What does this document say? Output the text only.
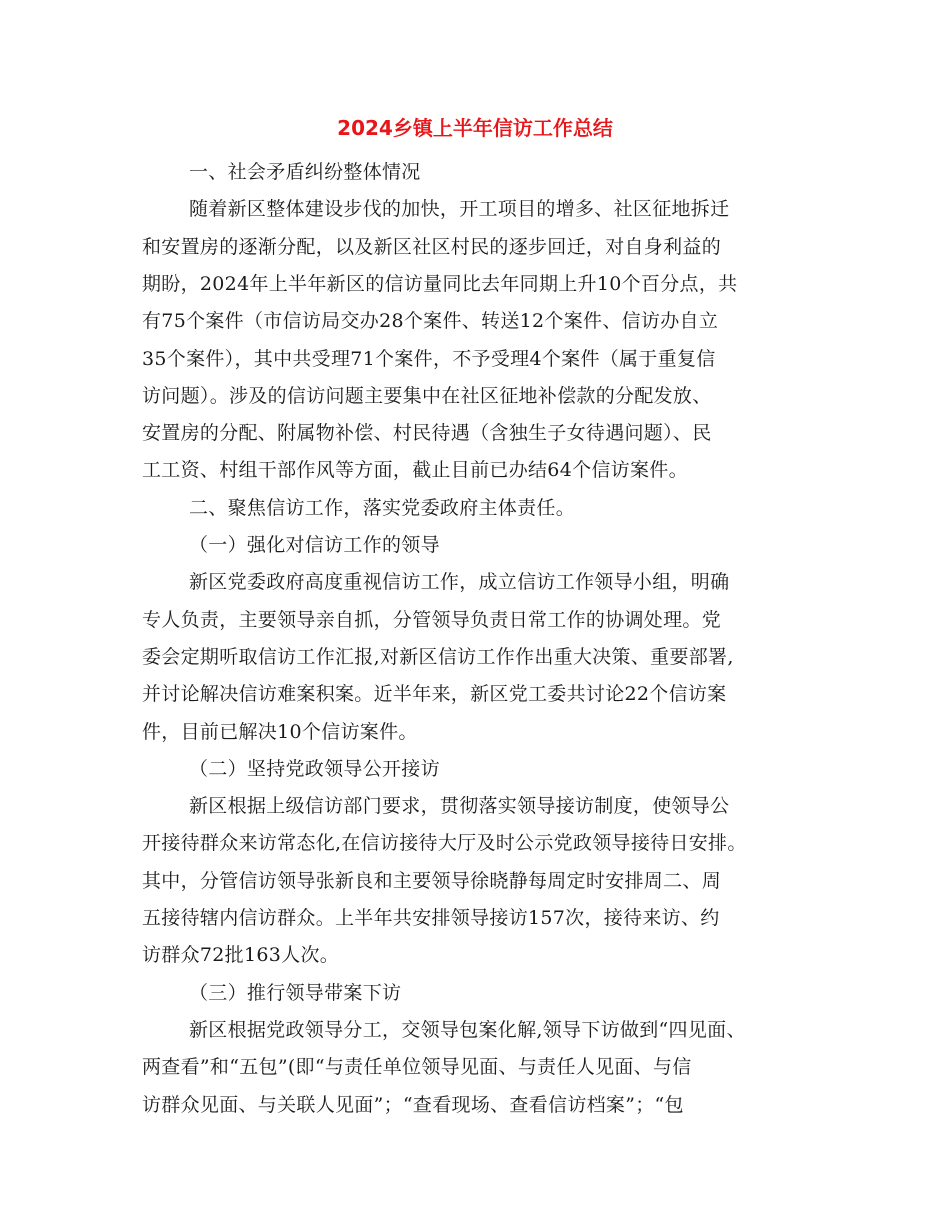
2024乡镇上半年信访工作总结
一、社会矛盾纠纷整体情况
随着新区整体建设步伐的加快，开工项目的增多、社区征地拆迁
和安置房的逐渐分配，以及新区社区村民的逐步回迁，对自身利益的
期盼，2024年上半年新区的信访量同比去年同期上升10个百分点，共
有75个案件（市信访局交办28个案件、转送12个案件、信访办自立
35个案件），其中共受理71个案件，不予受理4个案件（属于重复信
访问题）。涉及的信访问题主要集中在社区征地补偿款的分配发放、
安置房的分配、附属物补偿、村民待遇（含独生子女待遇问题）、民
工工资、村组干部作风等方面，截止目前已办结64个信访案件。
二、聚焦信访工作，落实党委政府主体责任。
（一）强化对信访工作的领导
新区党委政府高度重视信访工作，成立信访工作领导小组，明确
专人负责，主要领导亲自抓，分管领导负责日常工作的协调处理。党
委会定期听取信访工作汇报,对新区信访工作作出重大决策、重要部署,
并讨论解决信访难案积案。近半年来，新区党工委共讨论22个信访案
件，目前已解决10个信访案件。
（二）坚持党政领导公开接访
新区根据上级信访部门要求，贯彻落实领导接访制度，使领导公
开接待群众来访常态化,在信访接待大厅及时公示党政领导接待日安排。
其中，分管信访领导张新良和主要领导徐晓静每周定时安排周二、周
五接待辖内信访群众。上半年共安排领导接访157次，接待来访、约
访群众72批163人次。
（三）推行领导带案下访
新区根据党政领导分工，交领导包案化解,领导下访做到“四见面、
两查看”和“五包”(即“与责任单位领导见面、与责任人见面、与信
访群众见面、与关联人见面”；“查看现场、查看信访档案”；“包
